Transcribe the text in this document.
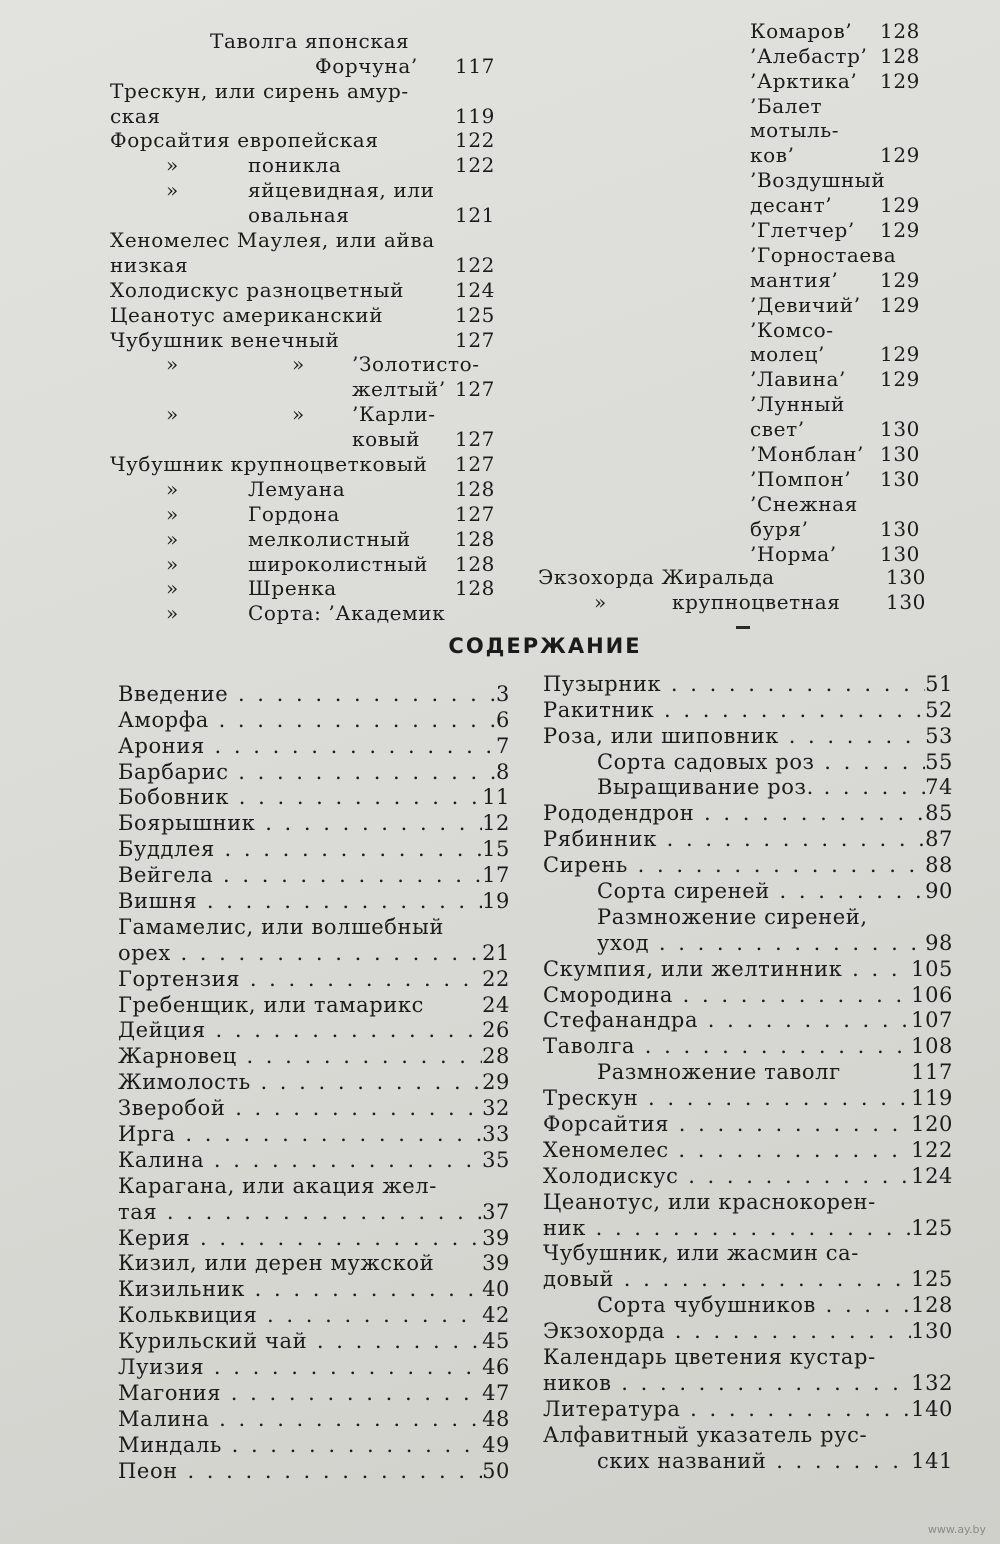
Таволга японская
Форчуна’	117
Трескун, или сирень амур-
ская	119
Форсайтия европейская	122
»	поникла	122
»	яйцевидная, или
овальная	121
Хеномелес Маулея, или айва
низкая	122
Холодискус разноцветный	124
Цеанотус американский	125
Чубушник венечный	127
»	» ’Золотисто-
желтый’ 127
»	» ’Карли-
ковый	127
Чубушник крупноцветковый	127
»	Лемуана	128
»	Гордона	127
»	мелколистный	128
»	широколистный	128
»	Шренка	128
»	Сорта: ’Академик
Комаров’	128
’Алебастр’ 128
’Арктика’	129
’Балет
мотыль-
ков’	129
’Воздушный
десант’	129
’Глетчер’	129
’Горностаева
мантия’	129
’Девичий’ 129
’Комсо-
молец’	129
’Лавина’	129
’Лунный
свет’	130
’Монблан’ 130
’Помпон’	130
’Снежная
буря’	130
’Норма’	130
Экзохорда Жиральда	130
»	крупноцветная	130
СОДЕРЖАНИЕ
Введение . . .	3
Аморфа . . .	6
Арония . . .	7
Барбарис . . .	8
Бобовник . . .	11
Боярышник . . .	12
Буддлея . . .	15
Вейгела . . .	17
Вишня . . .	19
Гамамелис, или волшебный
орех . . .	21
Гортензия . . .	22
Гребенщик, или тамарикс	24
Дейция . . .	26
Жарновец . . .	28
Жимолость . . .	29
Зверобой . . .	32
Ирга . . .	33
Калина . . .	35
Карагана, или акация жел-
тая . . .	37
Керия . . .	39
Кизил, или дерен мужской	39
Кизильник . . .	40
Кольквиция . . .	42
Курильский чай . . .	45
Луизия . . .	46
Магония . . .	47
Малина . . .	48
Миндаль . . .	49
Пеон . . .	50
Пузырник . . .	51
Ракитник . . .	52
Роза, или шиповник . . .	53
Сорта садовых роз . . .	55
Выращивание роз. . . .	74
Рододендрон . . .	85
Рябинник . . .	87
Сирень . . .	88
Сорта сиреней . . .	90
Размножение сиреней,
уход . . .	98
Скумпия, или желтинник . . .	105
Смородина . . .	106
Стефанандра . . .	107
Таволга . . .	108
Размножение таволг	117
Трескун . . .	119
Форсайтия . . .	120
Хеномелес . . .	122
Холодискус . . .	124
Цеанотус, или краснокорен-
ник . . .	125
Чубушник, или жасмин са-
довый . . .	125
Сорта чубушников . . .	128
Экзохорда . . .	130
Календарь цветения кустар-
ников . . .	132
Литература . . .	140
Алфавитный указатель рус-
ских названий . . .	141
www.ay.by
